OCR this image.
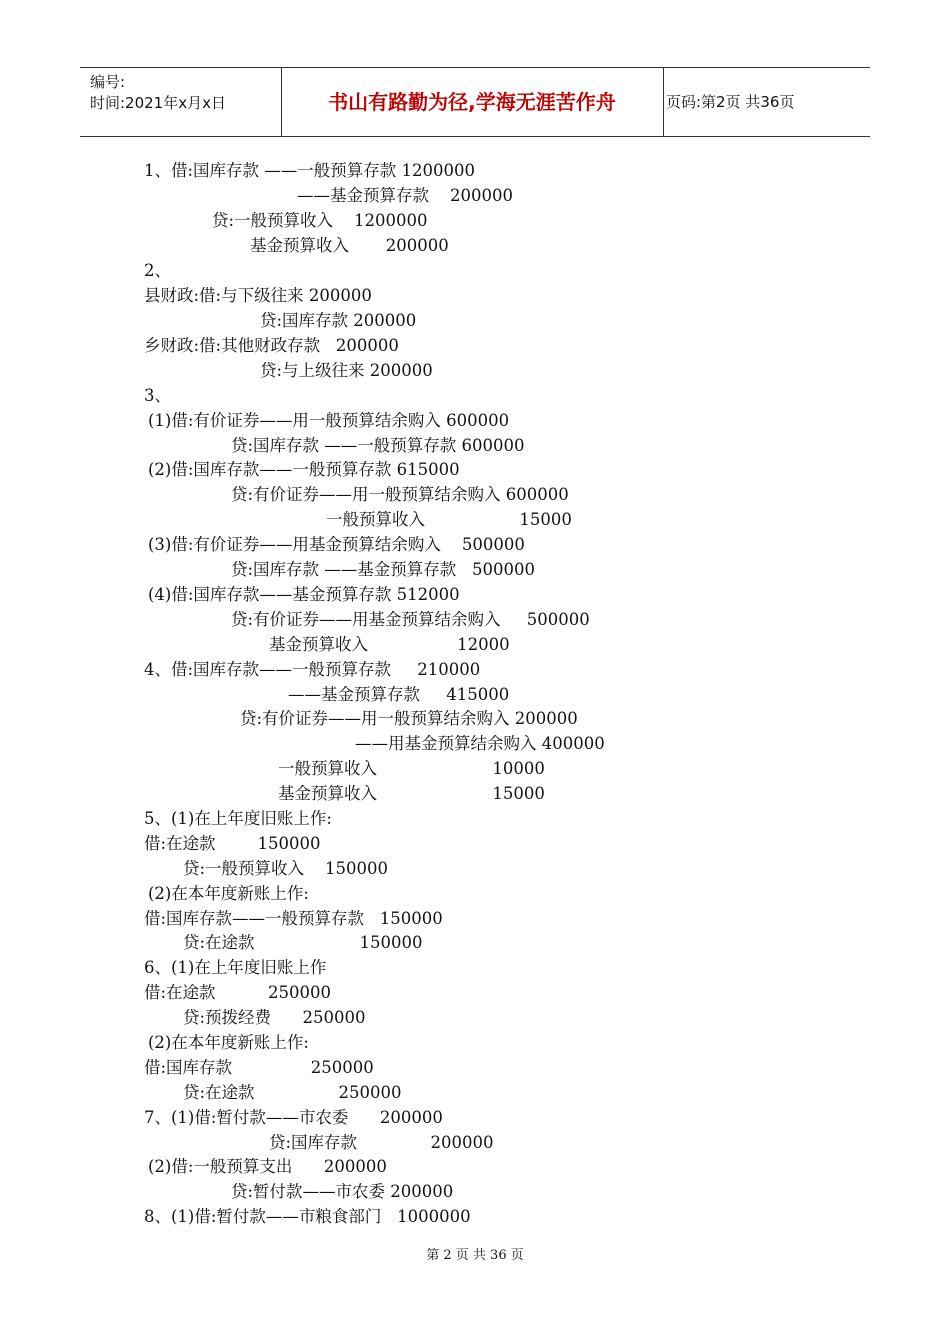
编号:
时间:2021年x月x日	书山有路勤为径,学海无涯苦作舟	页码:第2页 共36页
1、借:国库存款 ——一般预算存款 1200000
——基金预算存款    200000
贷:一般预算收入    1200000
基金预算收入       200000
2、
县财政:借:与下级往来 200000
贷:国库存款 200000
乡财政:借:其他财政存款   200000
贷:与上级往来 200000
3、
(1)借:有价证券——用一般预算结余购入 600000
贷:国库存款 ——一般预算存款 600000
(2)借:国库存款——一般预算存款 615000
贷:有价证券——用一般预算结余购入 600000
一般预算收入                  15000
(3)借:有价证券——用基金预算结余购入    500000
贷:国库存款 ——基金预算存款   500000
(4)借:国库存款——基金预算存款 512000
贷:有价证券——用基金预算结余购入     500000
基金预算收入                 12000
4、借:国库存款——一般预算存款     210000
——基金预算存款     415000
贷:有价证券——用一般预算结余购入 200000
——用基金预算结余购入 400000
一般预算收入                      10000
基金预算收入                      15000
5、(1)在上年度旧账上作:
借:在途款        150000
贷:一般预算收入    150000
(2)在本年度新账上作:
借:国库存款——一般预算存款   150000
贷:在途款                    150000
6、(1)在上年度旧账上作
借:在途款          250000
贷:预拨经费      250000
(2)在本年度新账上作:
借:国库存款               250000
贷:在途款                250000
7、(1)借:暂付款——市农委      200000
贷:国库存款              200000
(2)借:一般预算支出      200000
贷:暂付款——市农委 200000
8、(1)借:暂付款——市粮食部门   1000000
第 2 页 共 36 页
